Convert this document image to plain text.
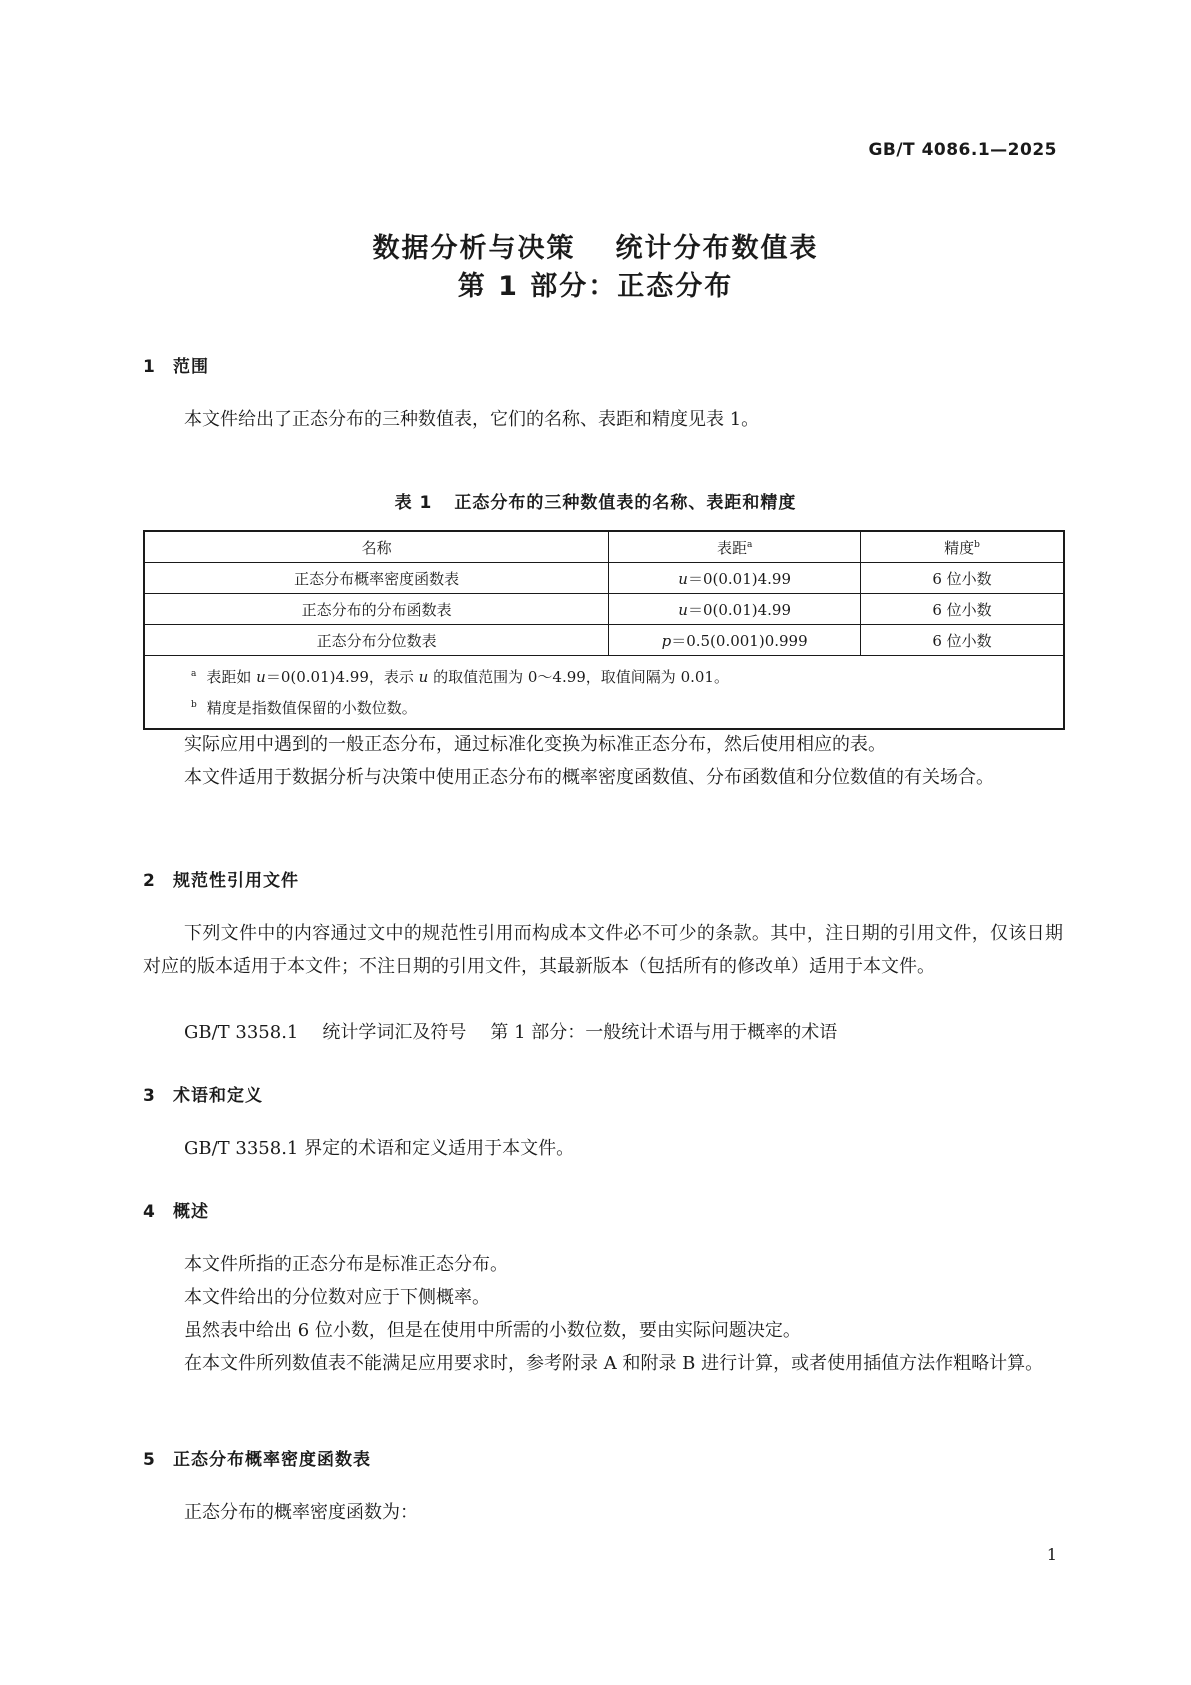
GB/T 4086.1—2025
数据分析与决策 统计分布数值表
第 1 部分：正态分布
1 范围
本文件给出了正态分布的三种数值表，它们的名称、表距和精度见表 1。
表 1 正态分布的三种数值表的名称、表距和精度
名称	表距$^a$	精度$^b$
正态分布概率密度函数表	u＝0(0.01)4.99	6 位小数
正态分布的分布函数表	u＝0(0.01)4.99	6 位小数
正态分布分位数表	p＝0.5(0.001)0.999	6 位小数

$^a$ 表距如 u＝0(0.01)4.99，表示 u 的取值范围为 0～4.99，取值间隔为 0.01。
$^b$ 精度是指数值保留的小数位数。		
实际应用中遇到的一般正态分布，通过标准化变换为标准正态分布，然后使用相应的表。
本文件适用于数据分析与决策中使用正态分布的概率密度函数值、分布函数值和分位数值的有关场合。
2 规范性引用文件
下列文件中的内容通过文中的规范性引用而构成本文件必不可少的条款。其中，注日期的引用文件，仅该日期对应的版本适用于本文件；不注日期的引用文件，其最新版本（包括所有的修改单）适用于本文件。
GB/T 3358.1 统计学词汇及符号 第 1 部分：一般统计术语与用于概率的术语
3 术语和定义
GB/T 3358.1 界定的术语和定义适用于本文件。
4 概述
本文件所指的正态分布是标准正态分布。
本文件给出的分位数对应于下侧概率。
虽然表中给出 6 位小数，但是在使用中所需的小数位数，要由实际问题决定。
在本文件所列数值表不能满足应用要求时，参考附录 A 和附录 B 进行计算，或者使用插值方法作粗略计算。
5 正态分布概率密度函数表
正态分布的概率密度函数为：
1
